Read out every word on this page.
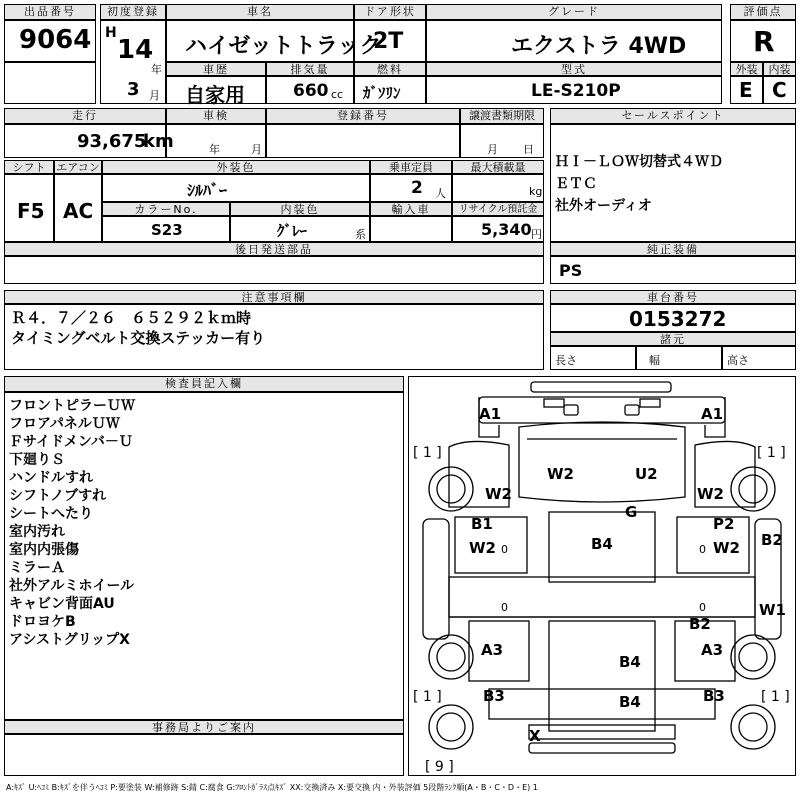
出品番号
9064
初度登録
H
14
年
3 月
車名
ハイゼットトラック
ドア形状
2T
グレード
エクストラ 4WD
評価点
R
車歴
自家用
排気量
660 cc
燃料
ｶﾞｿﾘﾝ
型式
LE-S210P
外装	内装
E C
走行
93,675
km
車検
年	月
登録番号	譲渡書類期限
月 日
シフト エアコン
F5 AC
外装色
ｼﾙﾊﾞｰ
乗車定員
2 人
最大積載量
kg
カラーNo.
S23
内装色
ｸﾞﾚｰ	系
輸入車	リサイクル預託金
5,340 円
セールスポイント
ＨＩ－ＬＯＷ切替式４ＷＤ
ＥＴＣ
社外オーディオ
後日発送部品	純正装備
PS
注意事項欄
Ｒ４．７／２６　６５２９２ｋｍ時
タイミングベルト交換ステッカー有り
車台番号
0153272
諸元
長さ	幅	高さ
検査員記入欄
フロントピラーＵＷ
フロアパネルＵＷ
Ｆサイドメンバ－Ｕ
下廻りＳ
ハンドルすれ
シフトノブすれ
シートへたり
室内汚れ
室内内張傷
ミラーＡ
社外アルミホイール
キャビン背面AU
ドロヨケB
アシストグリップX
事務局よりご案内
A1	A1
[ 1 ]	[ 1 ]
W2	U2
W2	W2
G
B1	P2
W2	W2
B4	B2
W1
B2
A3	A3
B4
[ 1 ]	[ 1 ]
B3	B3
B4
X
[ 9 ]
0	0
0	0
A:ｷｽﾞ U:ﾍｺﾐ B:ｷｽﾞを伴うﾍｺﾐ P:要塗装 W:補修跡 S:錆 C:腐食 G:ﾌﾛﾝﾄｶﾞﾗｽ点ｷｽﾞ XX:交換済み X:要交換 内・外装評価 5段階ﾗﾝｸ順(A・B・C・D・E) 1
